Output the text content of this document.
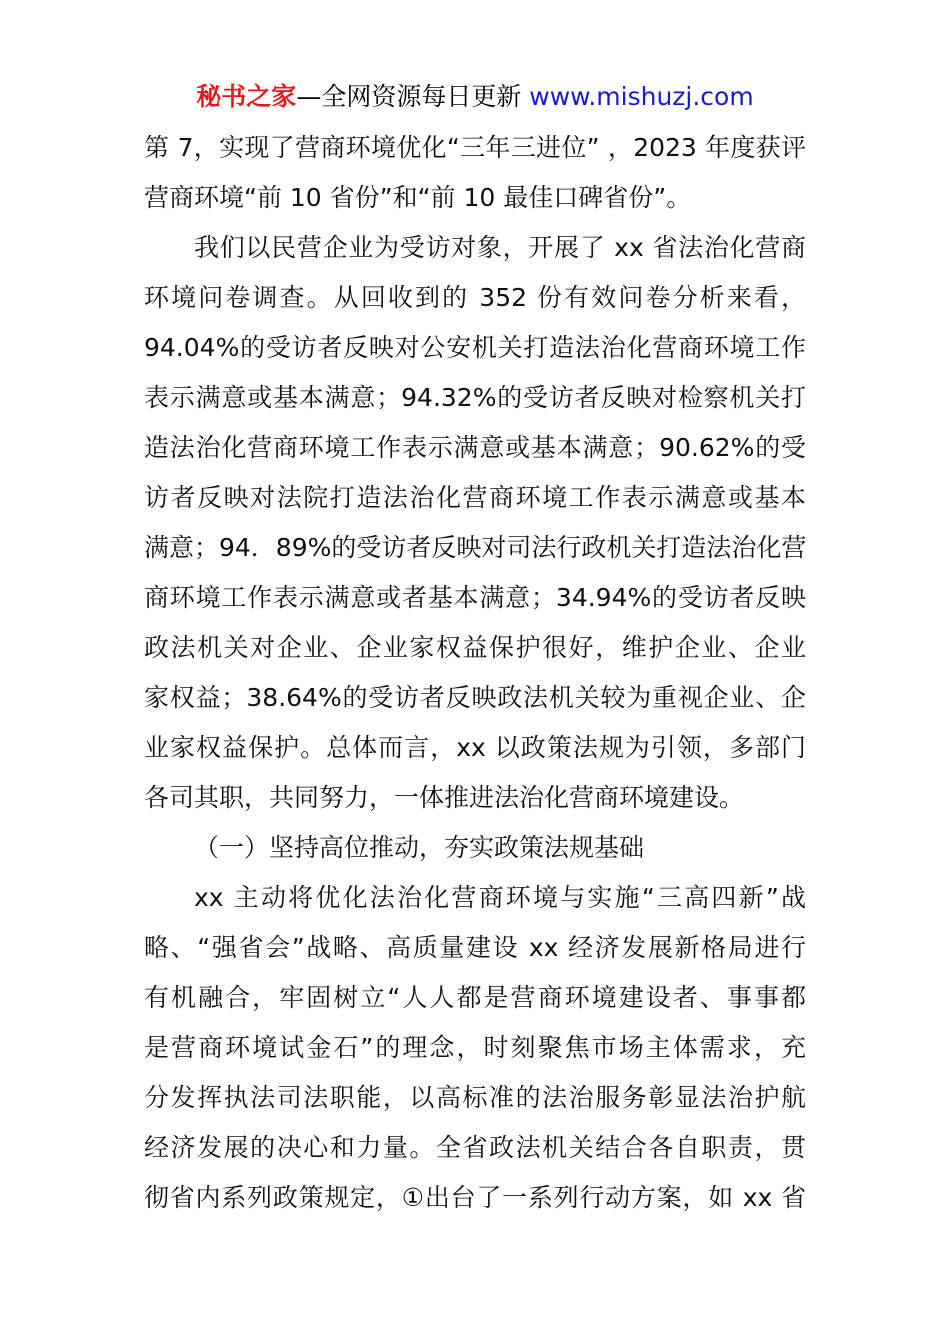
秘书之家—全网资源每日更新 www.mishuzj.com
第 7，实现了营商环境优化“三年三进位” ，2023 年度获评
营商环境“前 10 省份”和“前 10 最佳口碑省份”。
我们以民营企业为受访对象，开展了 xx 省法治化营商
环境问卷调查。从回收到的 352 份有效问卷分析来看，
94.04%的受访者反映对公安机关打造法治化营商环境工作
表示满意或基本满意；94.32%的受访者反映对检察机关打
造法治化营商环境工作表示满意或基本满意；90.62%的受
访者反映对法院打造法治化营商环境工作表示满意或基本
满意；94．89%的受访者反映对司法行政机关打造法治化营
商环境工作表示满意或者基本满意；34.94%的受访者反映
政法机关对企业、企业家权益保护很好，维护企业、企业
家权益；38.64%的受访者反映政法机关较为重视企业、企
业家权益保护。总体而言，xx 以政策法规为引领，多部门
各司其职，共同努力，一体推进法治化营商环境建设。
（一）坚持高位推动，夯实政策法规基础
xx 主动将优化法治化营商环境与实施“三高四新”战
略、“强省会”战略、高质量建设 xx 经济发展新格局进行
有机融合，牢固树立“人人都是营商环境建设者、事事都
是营商环境试金石”的理念，时刻聚焦市场主体需求，充
分发挥执法司法职能，以高标准的法治服务彰显法治护航
经济发展的决心和力量。全省政法机关结合各自职责，贯
彻省内系列政策规定，①出台了一系列行动方案，如 xx 省
